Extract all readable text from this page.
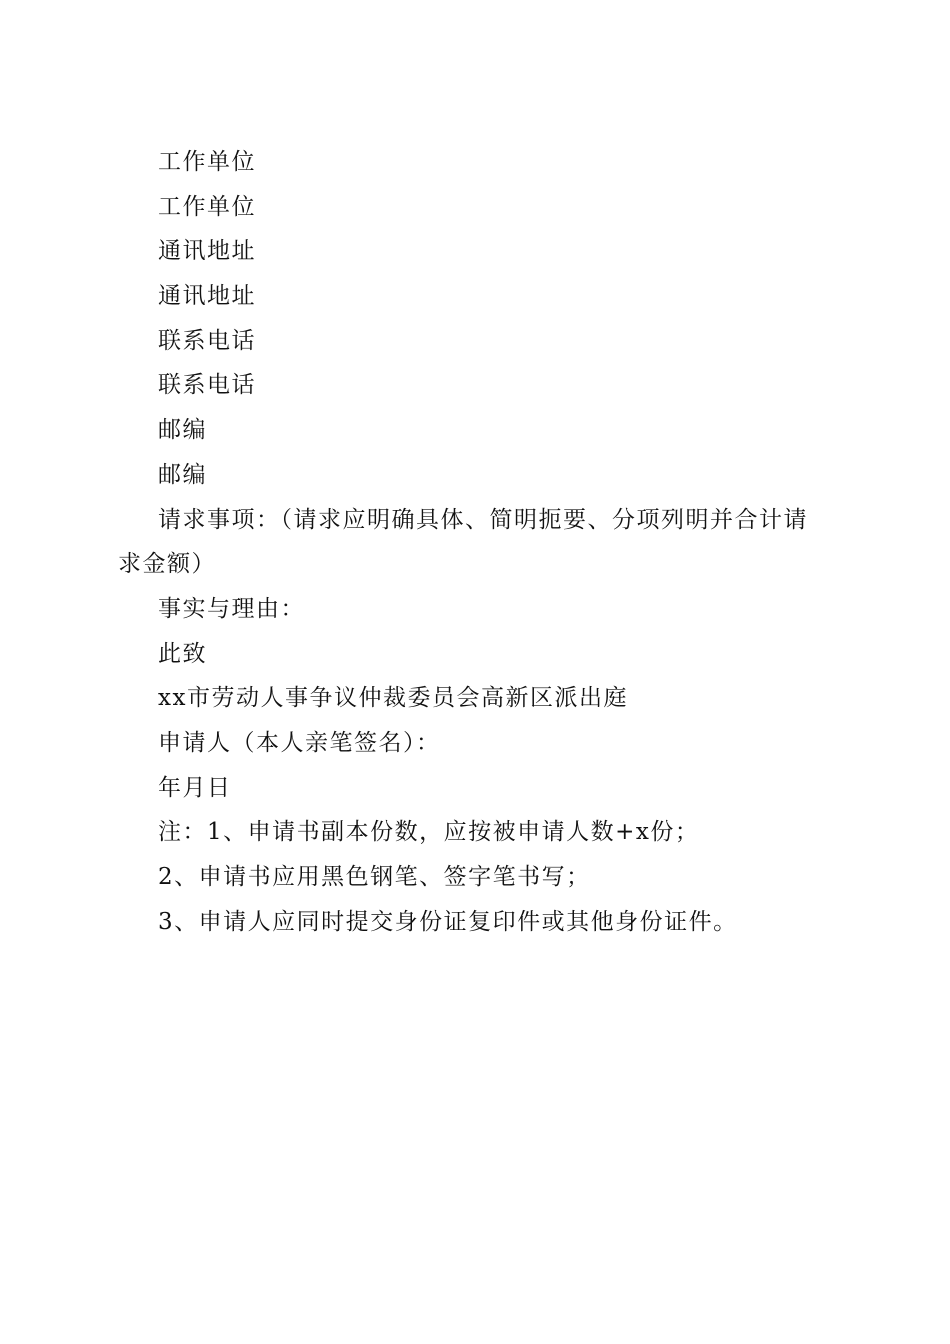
工作单位
工作单位
通讯地址
通讯地址
联系电话
联系电话
邮编
邮编
请求事项：（请求应明确具体、简明扼要、分项列明并合计请求金额）
事实与理由：
此致
xx市劳动人事争议仲裁委员会高新区派出庭
申请人（本人亲笔签名）：
年月日
注：1、申请书副本份数，应按被申请人数+x份；
2、申请书应用黑色钢笔、签字笔书写；
3、申请人应同时提交身份证复印件或其他身份证件。
